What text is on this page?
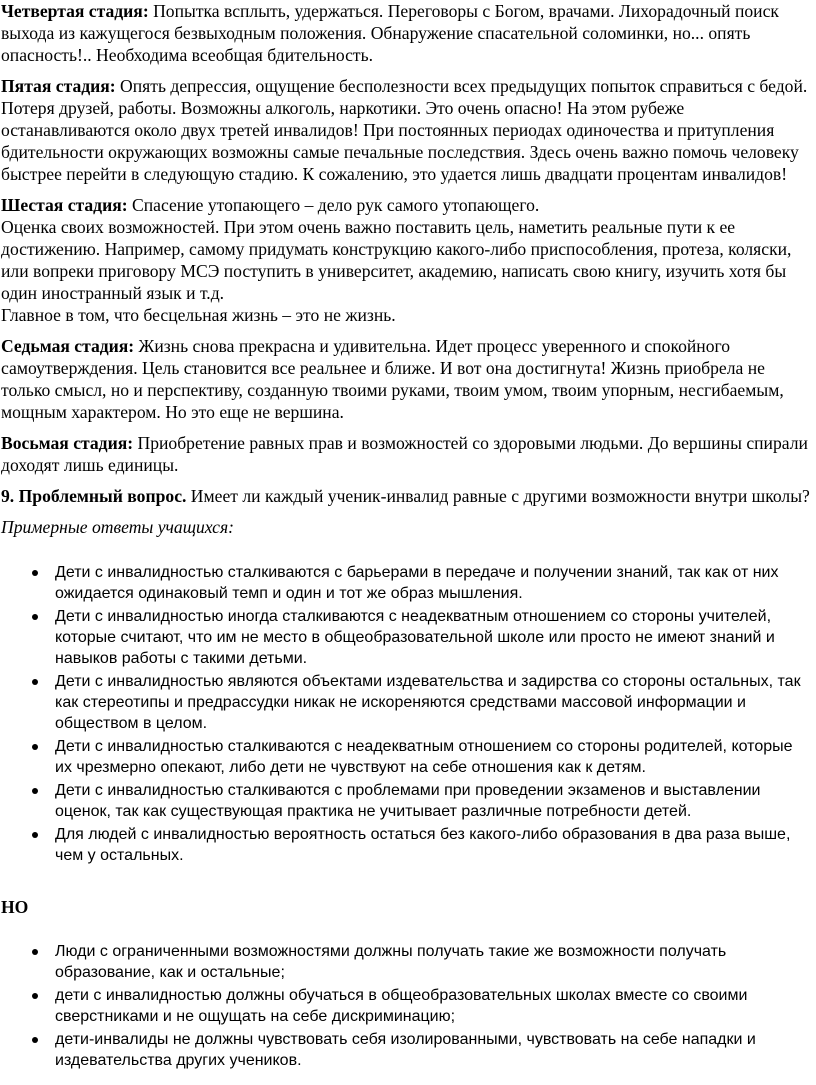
Четвертая стадия: Попытка всплыть, удержаться. Переговоры с Богом, врачами. Лихорадочный поиск выхода из кажущегося безвыходным положения. Обнаружение спасательной соломинки, но... опять опасность!.. Необходима всеобщая бдительность.

Пятая стадия: Опять депрессия, ощущение бесполезности всех предыдущих попыток справиться с бедой. Потеря друзей, работы. Возможны алкоголь, наркотики. Это очень опасно! На этом рубеже останавливаются около двух третей инвалидов! При постоянных периодах одиночества и притупления бдительности окружающих возможны самые печальные последствия. Здесь очень важно помочь человеку быстрее перейти в следующую стадию. К сожалению, это удается лишь двадцати процентам инвалидов!

Шестая стадия: Спасение утопающего – дело рук самого утопающего.

Оценка своих возможностей. При этом очень важно поставить цель, наметить реальные пути к ее достижению. Например, самому придумать конструкцию какого-либо приспособления, протеза, коляски, или вопреки приговору МСЭ поступить в университет, академию, написать свою книгу, изучить хотя бы один иностранный язык и т.д.

Главное в том, что бесцельная жизнь – это не жизнь.

Седьмая стадия: Жизнь снова прекрасна и удивительна. Идет процесс уверенного и спокойного самоутверждения. Цель становится все реальнее и ближе. И вот она достигнута! Жизнь приобрела не только смысл, но и перспективу, созданную твоими руками, твоим умом, твоим упорным, несгибаемым, мощным характером. Но это еще не вершина.

Восьмая стадия: Приобретение равных прав и возможностей со здоровыми людьми. До вершины спирали доходят лишь единицы.

9. Проблемный вопрос. Имеет ли каждый ученик-инвалид равные с другими возможности внутри школы?

Примерные ответы учащихся:

Дети с инвалидностью сталкиваются с барьерами в передаче и получении знаний, так как от них ожидается одинаковый темп и один и тот же образ мышления.
Дети с инвалидностью иногда сталкиваются с неадекватным отношением со стороны учителей, которые считают, что им не место в общеобразовательной школе или просто не имеют знаний и навыков работы с такими детьми.
Дети с инвалидностью являются объектами издевательства и задирства со стороны остальных, так как стереотипы и предрассудки никак не искореняются средствами массовой информации и обществом в целом.
Дети с инвалидностью сталкиваются с неадекватным отношением со стороны родителей, которые их чрезмерно опекают, либо дети не чувствуют на себе отношения как к детям.
Дети с инвалидностью сталкиваются с проблемами при проведении экзаменов и выставлении оценок, так как существующая практика не учитывает различные потребности детей.
Для людей с инвалидностью вероятность остаться без какого-либо образования в два раза выше, чем у остальных.

НО

Люди с ограниченными возможностями должны получать такие же возможности получать образование, как и остальные;
дети с инвалидностью должны обучаться в общеобразовательных школах вместе со своими сверстниками и не ощущать на себе дискриминацию;
дети-инвалиды не должны чувствовать себя изолированными, чувствовать на себе нападки и издевательства других учеников.
